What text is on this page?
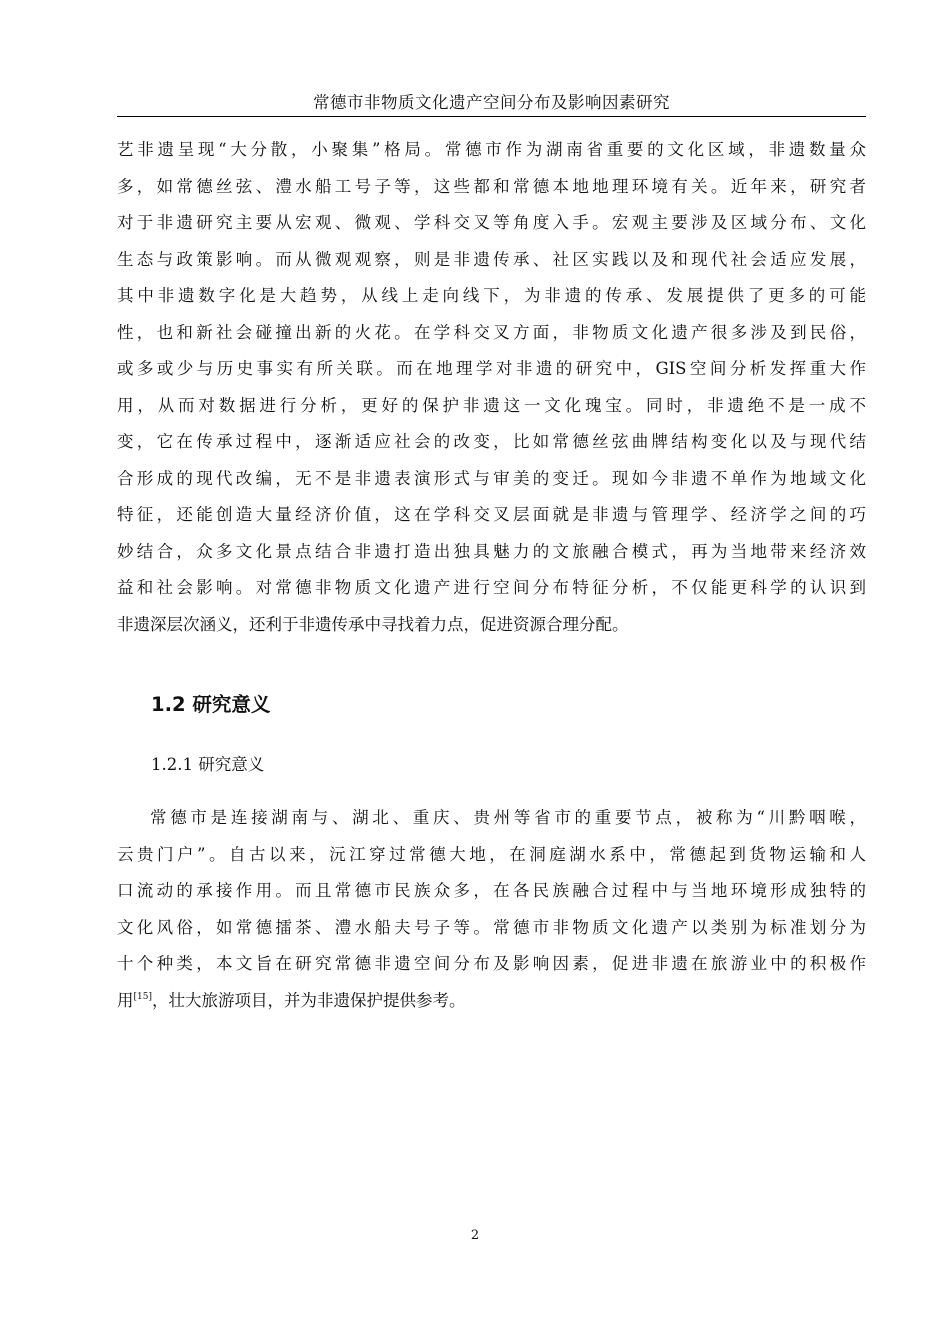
常德市非物质文化遗产空间分布及影响因素研究
艺非遗呈现“大分散，小聚集”格局。常德市作为湖南省重要的文化区域，非遗数量众
多，如常德丝弦、澧水船工号子等，这些都和常德本地地理环境有关。近年来，研究者
对于非遗研究主要从宏观、微观、学科交叉等角度入手。宏观主要涉及区域分布、文化
生态与政策影响。而从微观观察，则是非遗传承、社区实践以及和现代社会适应发展，
其中非遗数字化是大趋势，从线上走向线下，为非遗的传承、发展提供了更多的可能
性，也和新社会碰撞出新的火花。在学科交叉方面，非物质文化遗产很多涉及到民俗，
或多或少与历史事实有所关联。而在地理学对非遗的研究中，GIS空间分析发挥重大作
用，从而对数据进行分析，更好的保护非遗这一文化瑰宝。同时，非遗绝不是一成不
变，它在传承过程中，逐渐适应社会的改变，比如常德丝弦曲牌结构变化以及与现代结
合形成的现代改编，无不是非遗表演形式与审美的变迁。现如今非遗不单作为地域文化
特征，还能创造大量经济价值，这在学科交叉层面就是非遗与管理学、经济学之间的巧
妙结合，众多文化景点结合非遗打造出独具魅力的文旅融合模式，再为当地带来经济效
益和社会影响。对常德非物质文化遗产进行空间分布特征分析，不仅能更科学的认识到
非遗深层次涵义，还利于非遗传承中寻找着力点，促进资源合理分配。
1.2 研究意义
1.2.1 研究意义
常德市是连接湖南与、湖北、重庆、贵州等省市的重要节点，被称为“川黔咽喉，
云贵门户”。自古以来，沅江穿过常德大地，在洞庭湖水系中，常德起到货物运输和人
口流动的承接作用。而且常德市民族众多，在各民族融合过程中与当地环境形成独特的
文化风俗，如常德擂茶、澧水船夫号子等。常德市非物质文化遗产以类别为标准划分为
十个种类，本文旨在研究常德非遗空间分布及影响因素，促进非遗在旅游业中的积极作
用[15]，壮大旅游项目，并为非遗保护提供参考。
2
